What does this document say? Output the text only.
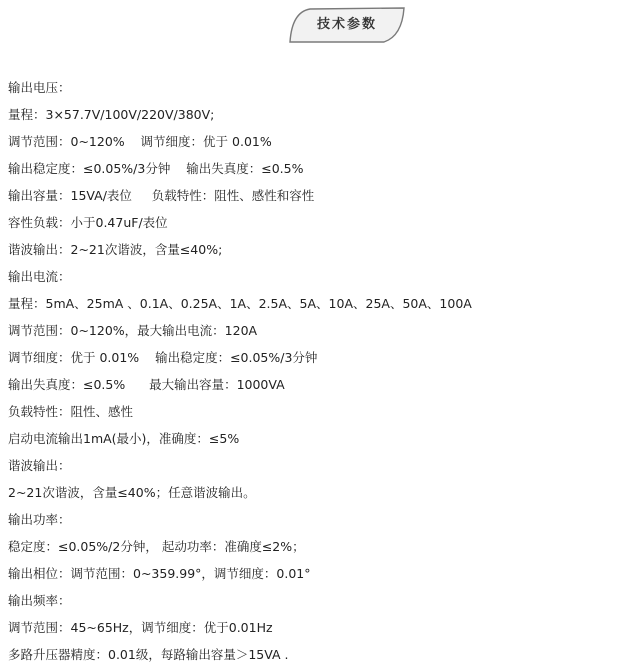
技术参数
输出电压：
量程：3×57.7V/100V/220V/380V;
调节范围：0~120%    调节细度：优于 0.01%
输出稳定度：≤0.05%/3分钟    输出失真度：≤0.5%
输出容量：15VA/表位     负载特性：阻性、感性和容性
容性负载：小于0.47uF/表位
谐波输出：2~21次谐波，含量≤40%;
输出电流：
量程：5mA、25mA 、0.1A、0.25A、1A、2.5A、5A、10A、25A、50A、100A
调节范围：0~120%，最大输出电流：120A
调节细度：优于 0.01%    输出稳定度：≤0.05%/3分钟
输出失真度：≤0.5%      最大输出容量：1000VA
负载特性：阻性、感性
启动电流输出1mA(最小)，准确度：≤5%
谐波输出：
2~21次谐波，含量≤40%；任意谐波输出。
输出功率：
稳定度：≤0.05%/2分钟， 起动功率：准确度≤2%；
输出相位：调节范围：0~359.99°，调节细度：0.01°
输出频率：
调节范围：45~65Hz，调节细度：优于0.01Hz
多路升压器精度：0.01级，每路输出容量＞15VA .
